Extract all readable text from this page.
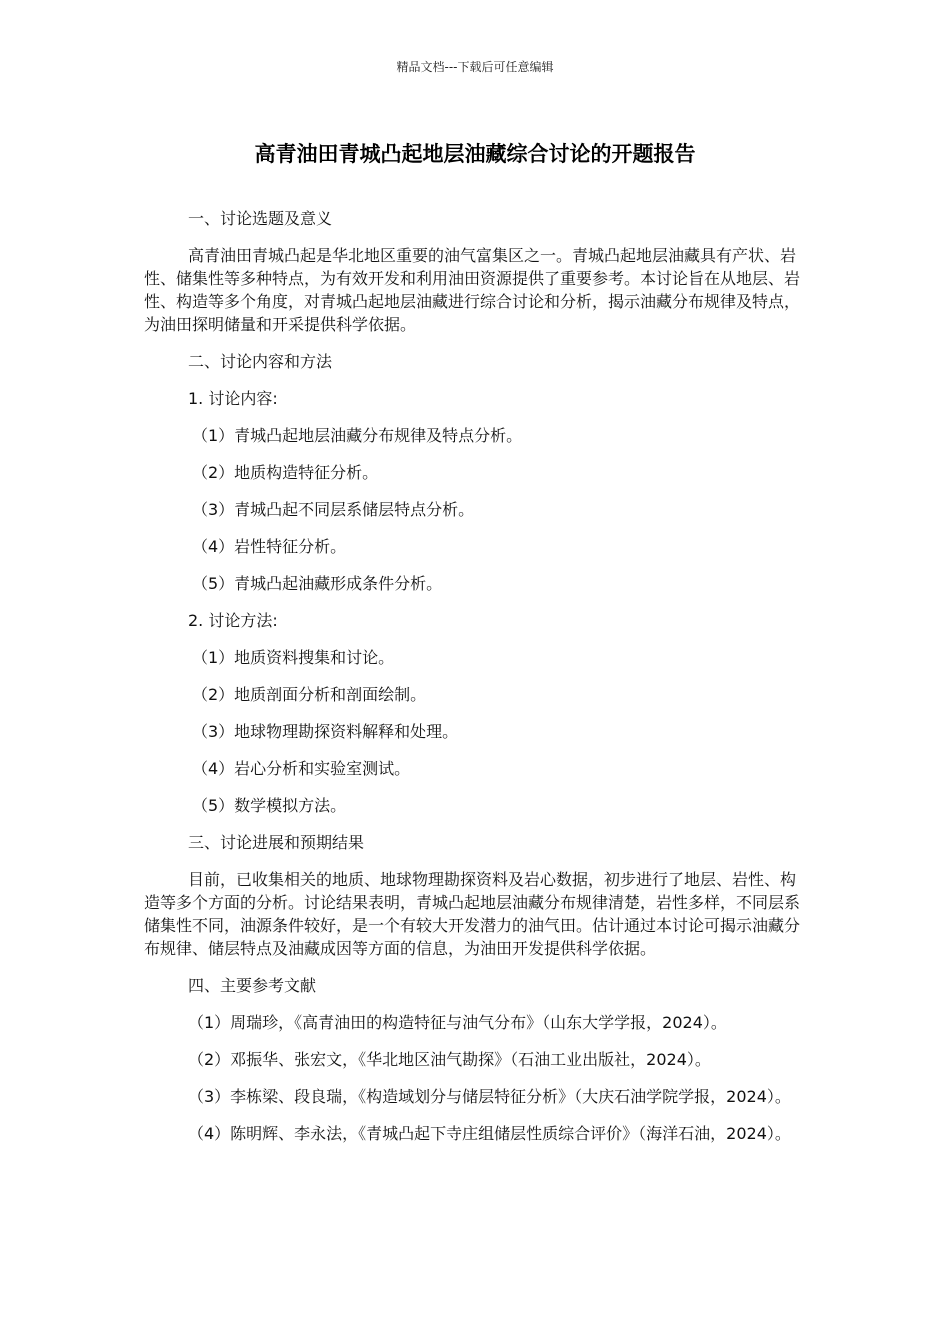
精品文档---下载后可任意编辑
高青油田青城凸起地层油藏综合讨论的开题报告

一、讨论选题及意义

高青油田青城凸起是华北地区重要的油气富集区之一。青城凸起地层油藏具有产状、岩性、储集性等多种特点，为有效开发和利用油田资源提供了重要参考。本讨论旨在从地层、岩性、构造等多个角度，对青城凸起地层油藏进行综合讨论和分析，揭示油藏分布规律及特点，为油田探明储量和开采提供科学依据。

二、讨论内容和方法

1. 讨论内容:

（1）青城凸起地层油藏分布规律及特点分析。

（2）地质构造特征分析。

（3）青城凸起不同层系储层特点分析。

（4）岩性特征分析。

（5）青城凸起油藏形成条件分析。

2. 讨论方法:

（1）地质资料搜集和讨论。

（2）地质剖面分析和剖面绘制。

（3）地球物理勘探资料解释和处理。

（4）岩心分析和实验室测试。

（5）数学模拟方法。

三、讨论进展和预期结果

目前，已收集相关的地质、地球物理勘探资料及岩心数据，初步进行了地层、岩性、构造等多个方面的分析。讨论结果表明，青城凸起地层油藏分布规律清楚，岩性多样，不同层系储集性不同，油源条件较好，是一个有较大开发潜力的油气田。估计通过本讨论可揭示油藏分布规律、储层特点及油藏成因等方面的信息，为油田开发提供科学依据。

四、主要参考文献

（1）周瑞珍，《高青油田的构造特征与油气分布》（山东大学学报，2024）。

（2）邓振华、张宏文，《华北地区油气勘探》（石油工业出版社，2024）。

（3）李栋梁、段良瑞，《构造域划分与储层特征分析》（大庆石油学院学报，2024）。

（4）陈明辉、李永法，《青城凸起下寺庄组储层性质综合评价》（海洋石油，2024）。
